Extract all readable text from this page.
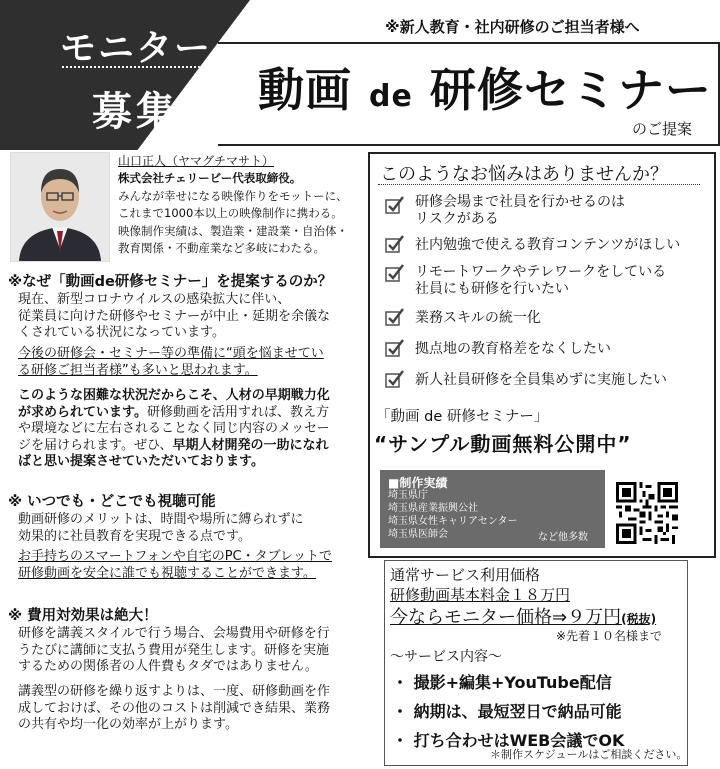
モニター
募集
※新人教育・社内研修のご担当者様へ
動画 de 研修セミナー
のご提案
山口正人（ヤマグチマサト）
株式会社チェリービー代表取締役。
みんなが幸せになる映像作りをモットーに、
これまで1000本以上の映像制作に携わる。
映像制作実績は、製造業・建設業・自治体・
教育関係・不動産業など多岐にわたる。
※なぜ「動画de研修セミナー」を提案するのか？
現在、新型コロナウイルスの感染拡大に伴い、
従業員に向けた研修やセミナーが中止・延期を余儀な
くされている状況になっています。
今後の研修会・セミナー等の準備に“頭を悩ませてい
る研修ご担当者様”も多いと思われます。
このような困難な状況だからこそ、人材の早期戦力化
が求められています。研修動画を活用すれば、教え方
や環境などに左右されることなく同じ内容のメッセー
ジを届けられます。ぜひ、早期人材開発の一助になれ
ばと思い提案させていただいております。
※ いつでも・どこでも視聴可能
動画研修のメリットは、時間や場所に縛られずに
効果的に社員教育を実現できる点です。
お手持ちのスマートフォンや自宅のPC・タブレットで
研修動画を安全に誰でも視聴することができます。
※ 費用対効果は絶大！
研修を講義スタイルで行う場合、会場費用や研修を行
うたびに講師に支払う費用が発生します。研修を実施
するための関係者の人件費もタダではありません。
講義型の研修を繰り返すよりは、一度、研修動画を作
成しておけば、その他のコストは削減でき結果、業務
の共有や均一化の効率が上がります。
このようなお悩みはありませんか？
研修会場まで社員を行かせるのは
リスクがある
社内勉強で使える教育コンテンツがほしい
リモートワークやテレワークをしている
社員にも研修を行いたい
業務スキルの統一化
拠点地の教育格差をなくしたい
新人社員研修を全員集めずに実施したい
「動画 de 研修セミナー」
“サンプル動画無料公開中”
■制作実績
埼玉県庁
埼玉県産業振興公社
埼玉県女性キャリアセンター
埼玉県医師会	など他多数
通常サービス利用価格
研修動画基本料金１８万円
今ならモニター価格⇒９万円(税抜)
※先着１０名様まで
～サービス内容～
・ 撮影+編集+YouTube配信
・ 納期は、最短翌日で納品可能
・ 打ち合わせはWEB会議でOK
＊制作スケジュールはご相談ください。
